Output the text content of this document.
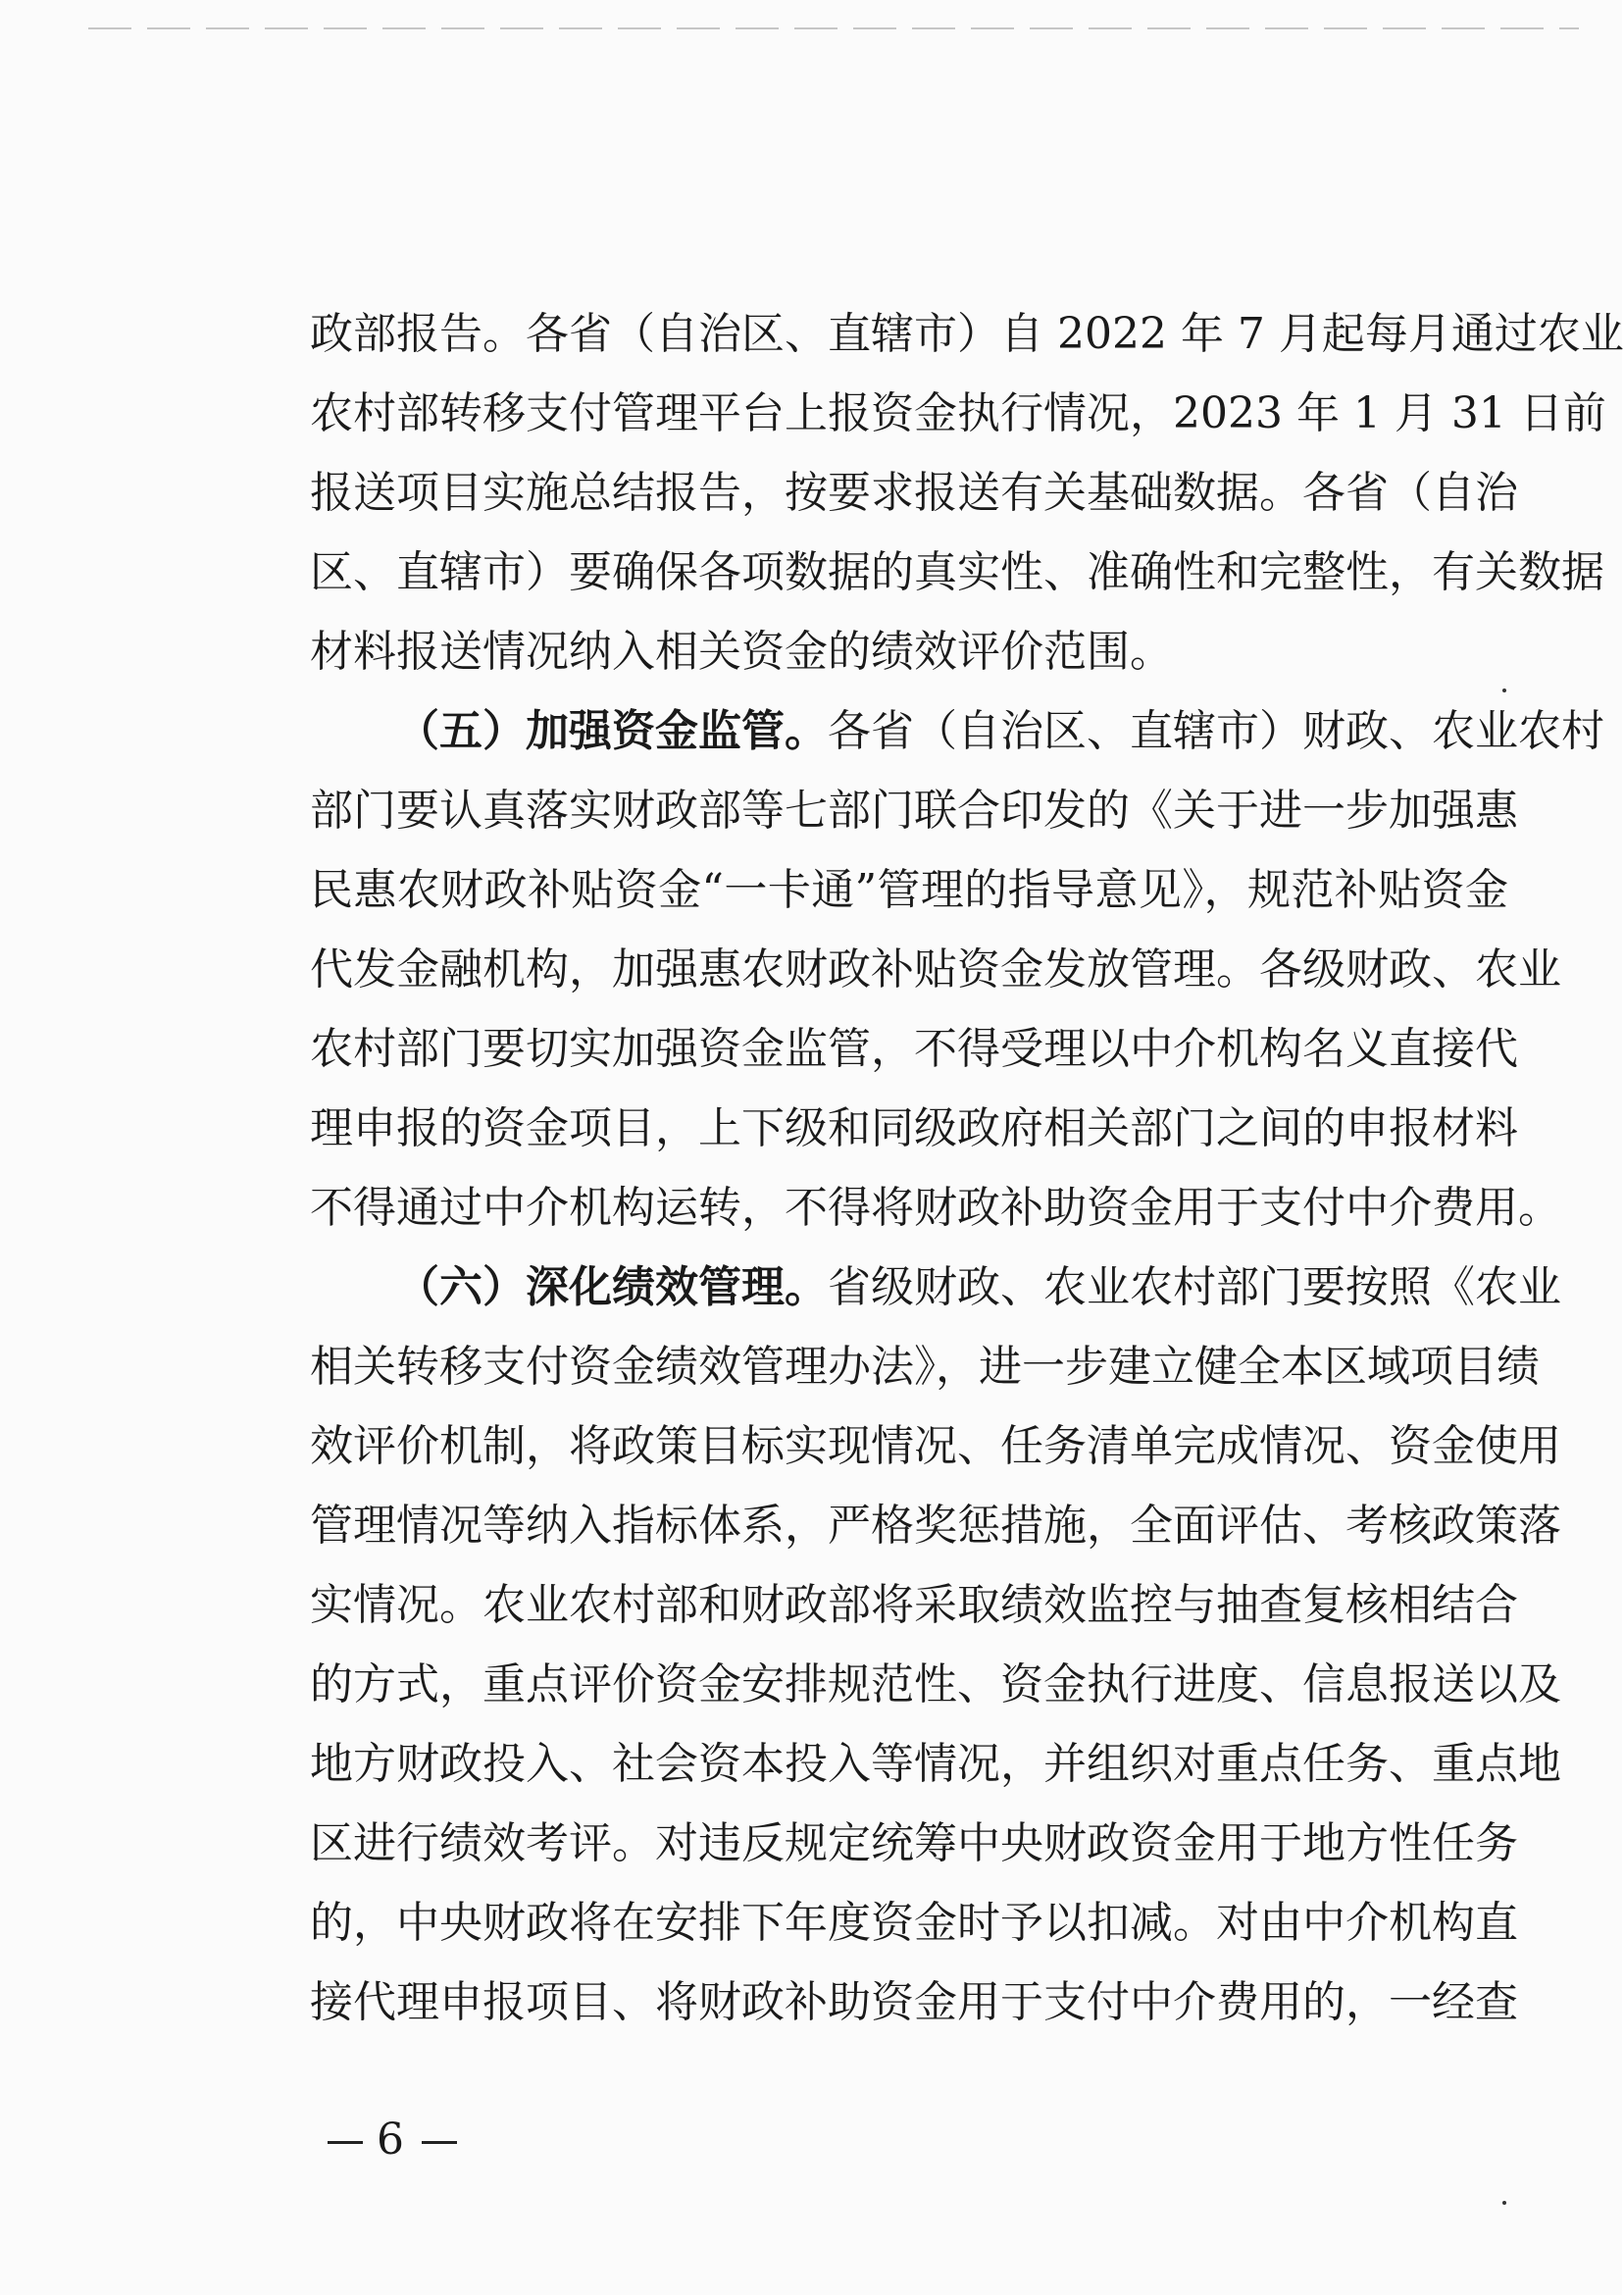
政部报告。各省（自治区、直辖市）自 2022 年 7 月起每月通过农业
农村部转移支付管理平台上报资金执行情况，2023 年 1 月 31 日前
报送项目实施总结报告，按要求报送有关基础数据。各省（自治
区、直辖市）要确保各项数据的真实性、准确性和完整性，有关数据
材料报送情况纳入相关资金的绩效评价范围。
（五）加强资金监管。各省（自治区、直辖市）财政、农业农村
部门要认真落实财政部等七部门联合印发的《关于进一步加强惠
民惠农财政补贴资金“一卡通”管理的指导意见》，规范补贴资金
代发金融机构，加强惠农财政补贴资金发放管理。各级财政、农业
农村部门要切实加强资金监管，不得受理以中介机构名义直接代
理申报的资金项目，上下级和同级政府相关部门之间的申报材料
不得通过中介机构运转，不得将财政补助资金用于支付中介费用。
（六）深化绩效管理。省级财政、农业农村部门要按照《农业
相关转移支付资金绩效管理办法》，进一步建立健全本区域项目绩
效评价机制，将政策目标实现情况、任务清单完成情况、资金使用
管理情况等纳入指标体系，严格奖惩措施，全面评估、考核政策落
实情况。农业农村部和财政部将采取绩效监控与抽查复核相结合
的方式，重点评价资金安排规范性、资金执行进度、信息报送以及
地方财政投入、社会资本投入等情况，并组织对重点任务、重点地
区进行绩效考评。对违反规定统筹中央财政资金用于地方性任务
的，中央财政将在安排下年度资金时予以扣减。对由中介机构直
接代理申报项目、将财政补助资金用于支付中介费用的，一经查
6
